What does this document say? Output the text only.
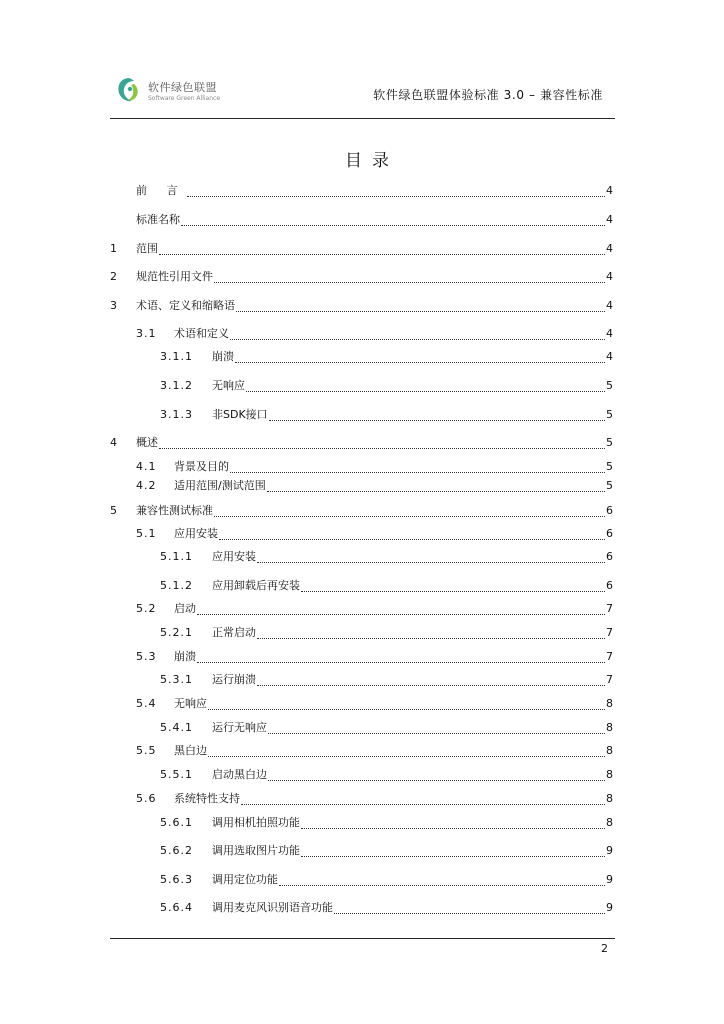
软件绿色联盟
Software Green Alliance	软件绿色联盟体验标准 3.0 – 兼容性标准
目录
前 言	4
标准名称	4
1	范围	4
2	规范性引用文件	4
3	术语、定义和缩略语	4
3.1	术语和定义	4
3.1.1	崩溃	4
3.1.2	无响应	5
3.1.3	非SDK接口	5
4	概述	5
4.1	背景及目的	5
4.2	适用范围/测试范围	5
5	兼容性测试标准	6
5.1	应用安装	6
5.1.1	应用安装	6
5.1.2	应用卸载后再安装	6
5.2	启动	7
5.2.1	正常启动	7
5.3	崩溃	7
5.3.1	运行崩溃	7
5.4	无响应	8
5.4.1	运行无响应	8
5.5	黑白边	8
5.5.1	启动黑白边	8
5.6	系统特性支持	8
5.6.1	调用相机拍照功能	8
5.6.2	调用选取图片功能	9
5.6.3	调用定位功能	9
5.6.4	调用麦克风识别语音功能	9
2
